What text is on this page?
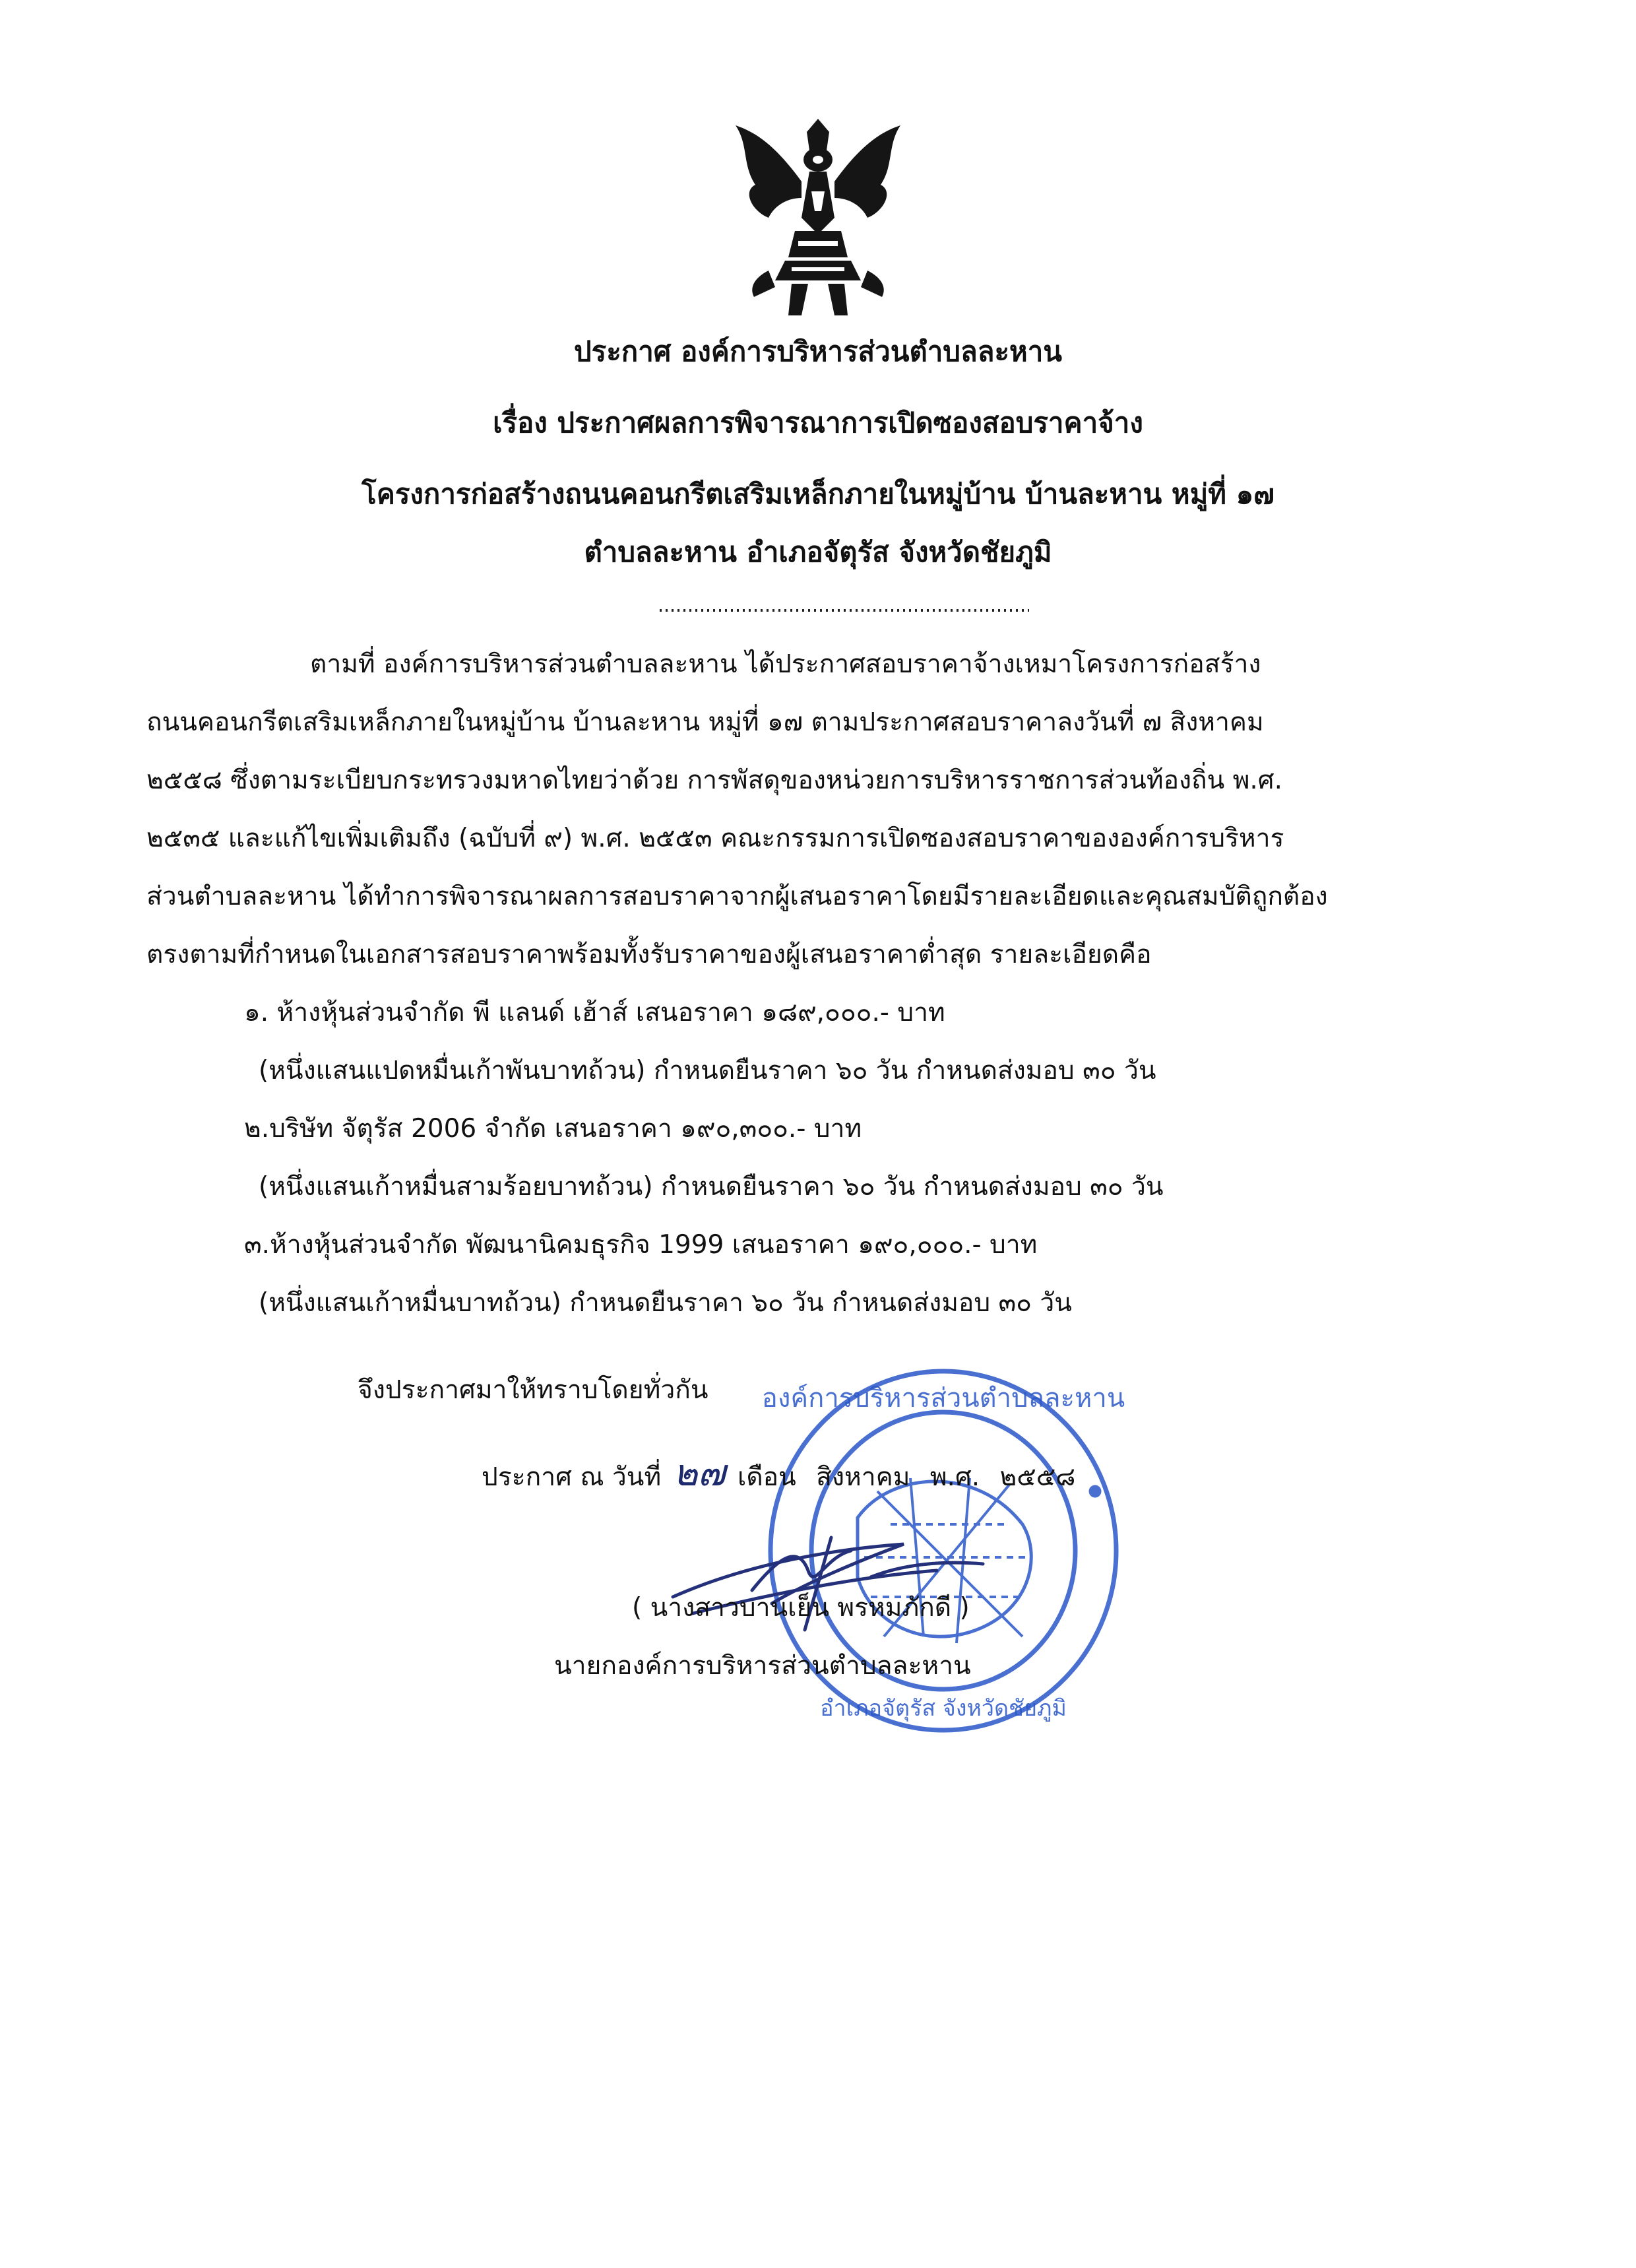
ประกาศ องค์การบริหารส่วนตำบลละหาน
เรื่อง ประกาศผลการพิจารณาการเปิดซองสอบราคาจ้าง
โครงการก่อสร้างถนนคอนกรีตเสริมเหล็กภายในหมู่บ้าน บ้านละหาน หมู่ที่ ๑๗
ตำบลละหาน อำเภอจัตุรัส จังหวัดชัยภูมิ
ตามที่ องค์การบริหารส่วนตำบลละหาน ได้ประกาศสอบราคาจ้างเหมาโครงการก่อสร้าง
ถนนคอนกรีตเสริมเหล็กภายในหมู่บ้าน บ้านละหาน หมู่ที่ ๑๗ ตามประกาศสอบราคาลงวันที่ ๗ สิงหาคม
๒๕๕๘ ซึ่งตามระเบียบกระทรวงมหาดไทยว่าด้วย การพัสดุของหน่วยการบริหารราชการส่วนท้องถิ่น พ.ศ.
๒๕๓๕ และแก้ไขเพิ่มเติมถึง (ฉบับที่ ๙) พ.ศ. ๒๕๕๓ คณะกรรมการเปิดซองสอบราคาขององค์การบริหาร
ส่วนตำบลละหาน ได้ทำการพิจารณาผลการสอบราคาจากผู้เสนอราคาโดยมีรายละเอียดและคุณสมบัติถูกต้อง
ตรงตามที่กำหนดในเอกสารสอบราคาพร้อมทั้งรับราคาของผู้เสนอราคาต่ำสุด รายละเอียดคือ
๑. ห้างหุ้นส่วนจำกัด พี แลนด์ เฮ้าส์ เสนอราคา ๑๘๙,๐๐๐.- บาท
(หนึ่งแสนแปดหมื่นเก้าพันบาทถ้วน) กำหนดยืนราคา ๖๐ วัน กำหนดส่งมอบ ๓๐ วัน
๒.บริษัท จัตุรัส 2006 จำกัด เสนอราคา ๑๙๐,๓๐๐.- บาท
(หนึ่งแสนเก้าหมื่นสามร้อยบาทถ้วน) กำหนดยืนราคา ๖๐ วัน กำหนดส่งมอบ ๓๐ วัน
๓.ห้างหุ้นส่วนจำกัด พัฒนานิคมธุรกิจ 1999 เสนอราคา ๑๙๐,๐๐๐.- บาท
(หนึ่งแสนเก้าหมื่นบาทถ้วน) กำหนดยืนราคา ๖๐ วัน กำหนดส่งมอบ ๓๐ วัน
จึงประกาศมาให้ทราบโดยทั่วกัน องค์การบริหารส่วนตำบลละหาน
อำเภอจัตุรัส จังหวัดชัยภูมิ
ประกาศ ณ วันที่ ๒๗ เดือน สิงหาคม พ.ศ. ๒๕๕๘
( นางสาวบานเย็น พรหมภักดี )
นายกองค์การบริหารส่วนตำบลละหาน
